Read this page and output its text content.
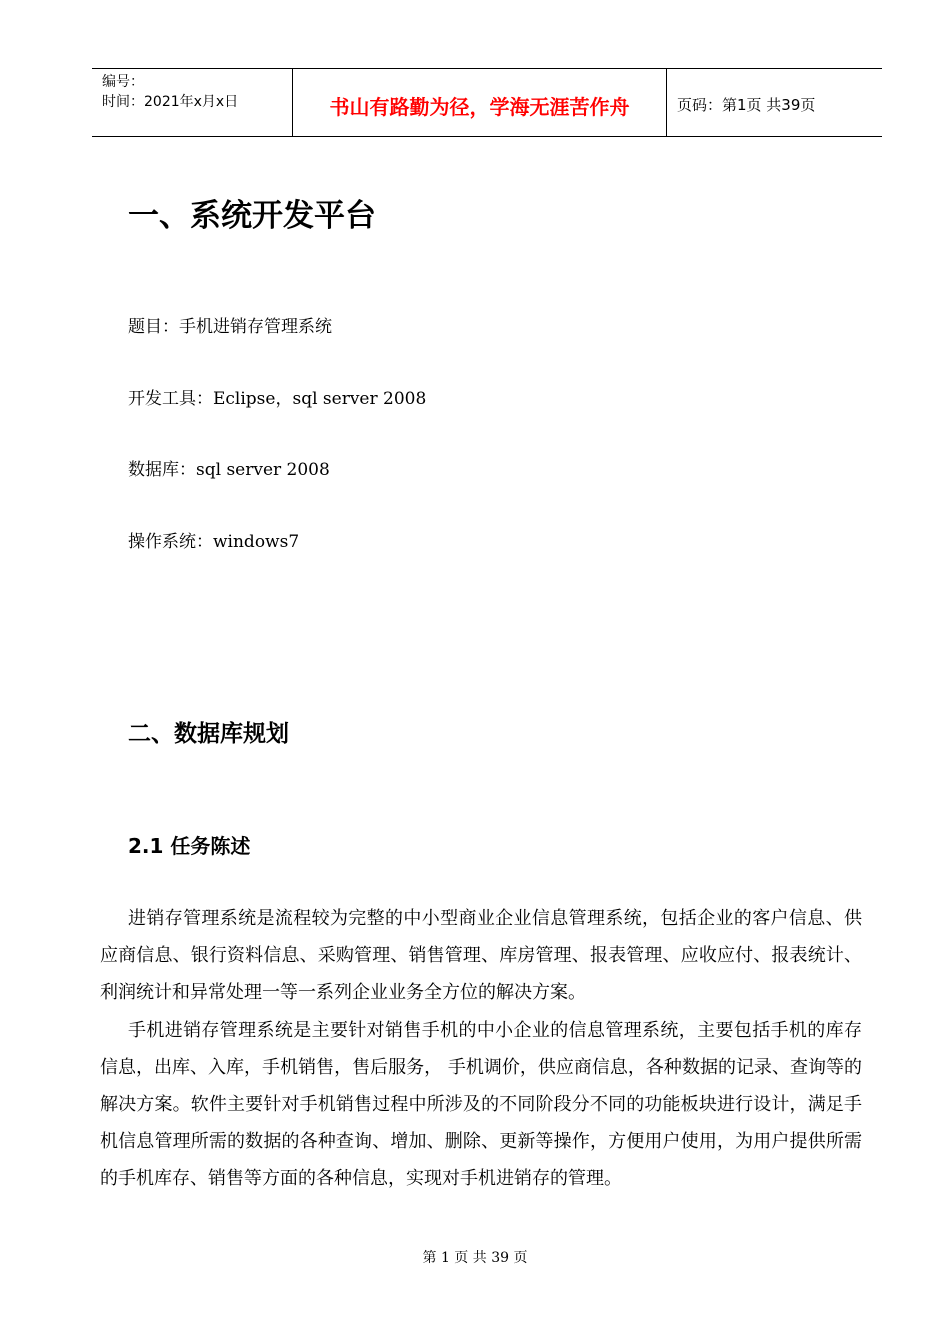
编号：
时间：2021年x月x日	书山有路勤为径，学海无涯苦作舟	页码：第1页 共39页
一、系统开发平台
题目：手机进销存管理系统
开发工具：Eclipse，sql server 2008
数据库：sql server 2008
操作系统：windows7
二、数据库规划
2.1 任务陈述

进销存管理系统是流程较为完整的中小型商业企业信息管理系统，包括企业的客户信息、供应商信息、银行资料信息、采购管理、销售管理、库房管理、报表管理、应收应付、报表统计、利润统计和异常处理一等一系列企业业务全方位的解决方案。

手机进销存管理系统是主要针对销售手机的中小企业的信息管理系统，主要包括手机的库存信息，出库、入库，手机销售，售后服务， 手机调价，供应商信息，各种数据的记录、查询等的解决方案。软件主要针对手机销售过程中所涉及的不同阶段分不同的功能板块进行设计，满足手机信息管理所需的数据的各种查询、增加、删除、更新等操作，方便用户使用，为用户提供所需的手机库存、销售等方面的各种信息，实现对手机进销存的管理。

第 1 页 共 39 页
